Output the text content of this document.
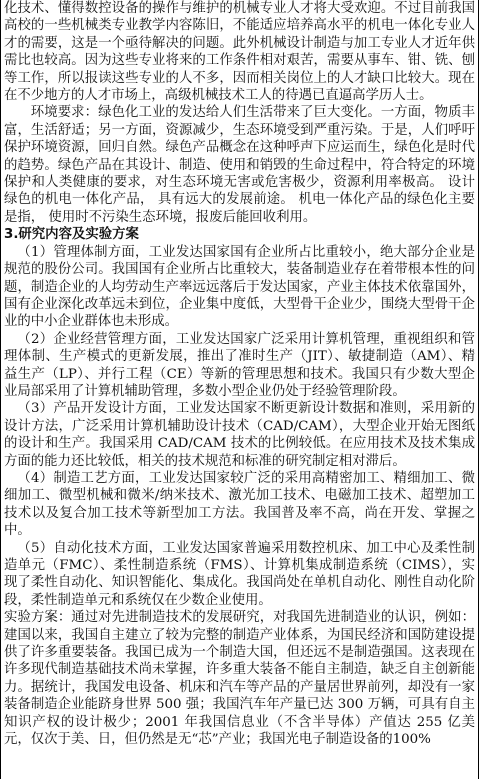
化技术、懂得数控设备的操作与维护的机械专业人才将大受欢迎。不过目前我国高校的一些机械类专业教学内容陈旧，不能适应培养高水平的机电一体化专业人才的需要，这是一个亟待解决的问题。此外机械设计制造与加工专业人才近年供需比也较高。因为这些专业将来的工作条件相对艰苦，需要从事车、钳、铣、刨等工作，所以报读这些专业的人不多，因而相关岗位上的人才缺口比较大。现在在不少地方的人才市场上，高级机械技术工人的待遇已直逼高学历人士。

环境要求：绿色化工业的发达给人们生活带来了巨大变化。一方面，物质丰富，生活舒适；另一方面，资源减少，生态环境受到严重污染。于是，人们呼吁保护环境资源，回归自然。绿色产品概念在这种呼声下应运而生，绿色化是时代的趋势。绿色产品在其设计、制造、使用和销毁的生命过程中，符合特定的环境保护和人类健康的要求，对生态环境无害或危害极少，资源利用率极高。 设计绿色的机电一体化产品， 具有远大的发展前途。 机电一体化产品的绿色化主要是指， 使用时不污染生态环境，报废后能回收利用。

3.研究内容及实验方案

（1）管理体制方面，工业发达国家国有企业所占比重较小，绝大部分企业是规范的股份公司。我国国有企业所占比重较大，装备制造业存在着带根本性的问题，制造企业的人均劳动生产率远远落后于发达国家，产业主体技术依靠国外，国有企业深化改革远未到位，企业集中度低，大型骨干企业少，围绕大型骨干企业的中小企业群体也未形成。

（2）企业经营管理方面，工业发达国家广泛采用计算机管理，重视组织和管理体制、生产模式的更新发展，推出了准时生产（JIT）、敏捷制造（AM）、精益生产（LP）、并行工程（CE）等新的管理思想和技术。我国只有少数大型企业局部采用了计算机辅助管理，多数小型企业仍处于经验管理阶段。

（3）产品开发设计方面，工业发达国家不断更新设计数据和准则，采用新的设计方法，广泛采用计算机辅助设计技术（CAD/CAM），大型企业开始无图纸的设计和生产。我国采用 CAD/CAM 技术的比例较低。在应用技术及技术集成方面的能力还比较低，相关的技术规范和标准的研究制定相对滞后。

（4）制造工艺方面，工业发达国家较广泛的采用高精密加工、精细加工、微细加工、微型机械和微米/纳米技术、激光加工技术、电磁加工技术、超塑加工技术以及复合加工技术等新型加工方法。我国普及率不高，尚在开发、掌握之中。

（5）自动化技术方面，工业发达国家普遍采用数控机床、加工中心及柔性制造单元（FMC）、柔性制造系统（FMS）、计算机集成制造系统（CIMS），实现了柔性自动化、知识智能化、集成化。我国尚处在单机自动化、刚性自动化阶段，柔性制造单元和系统仅在少数企业使用。

实验方案：通过对先进制造技术的发展研究，对我国先进制造业的认识，例如：建国以来，我国自主建立了较为完整的制造产业体系，为国民经济和国防建设提供了许多重要装备。我国已成为一个制造大国，但还远不是制造强国。这表现在许多现代制造基础技术尚未掌握，许多重大装备不能自主制造，缺乏自主创新能力。据统计，我国发电设备、机床和汽车等产品的产量居世界前列，却没有一家装备制造企业能跻身世界 500 强；我国汽车年产量已达 300 万辆，可具有自主知识产权的设计极少；2001 年我国信息业（不含半导体）产值达 255 亿美元，仅次于美、日，但仍然是无“芯”产业；我国光电子制造设备的100%
